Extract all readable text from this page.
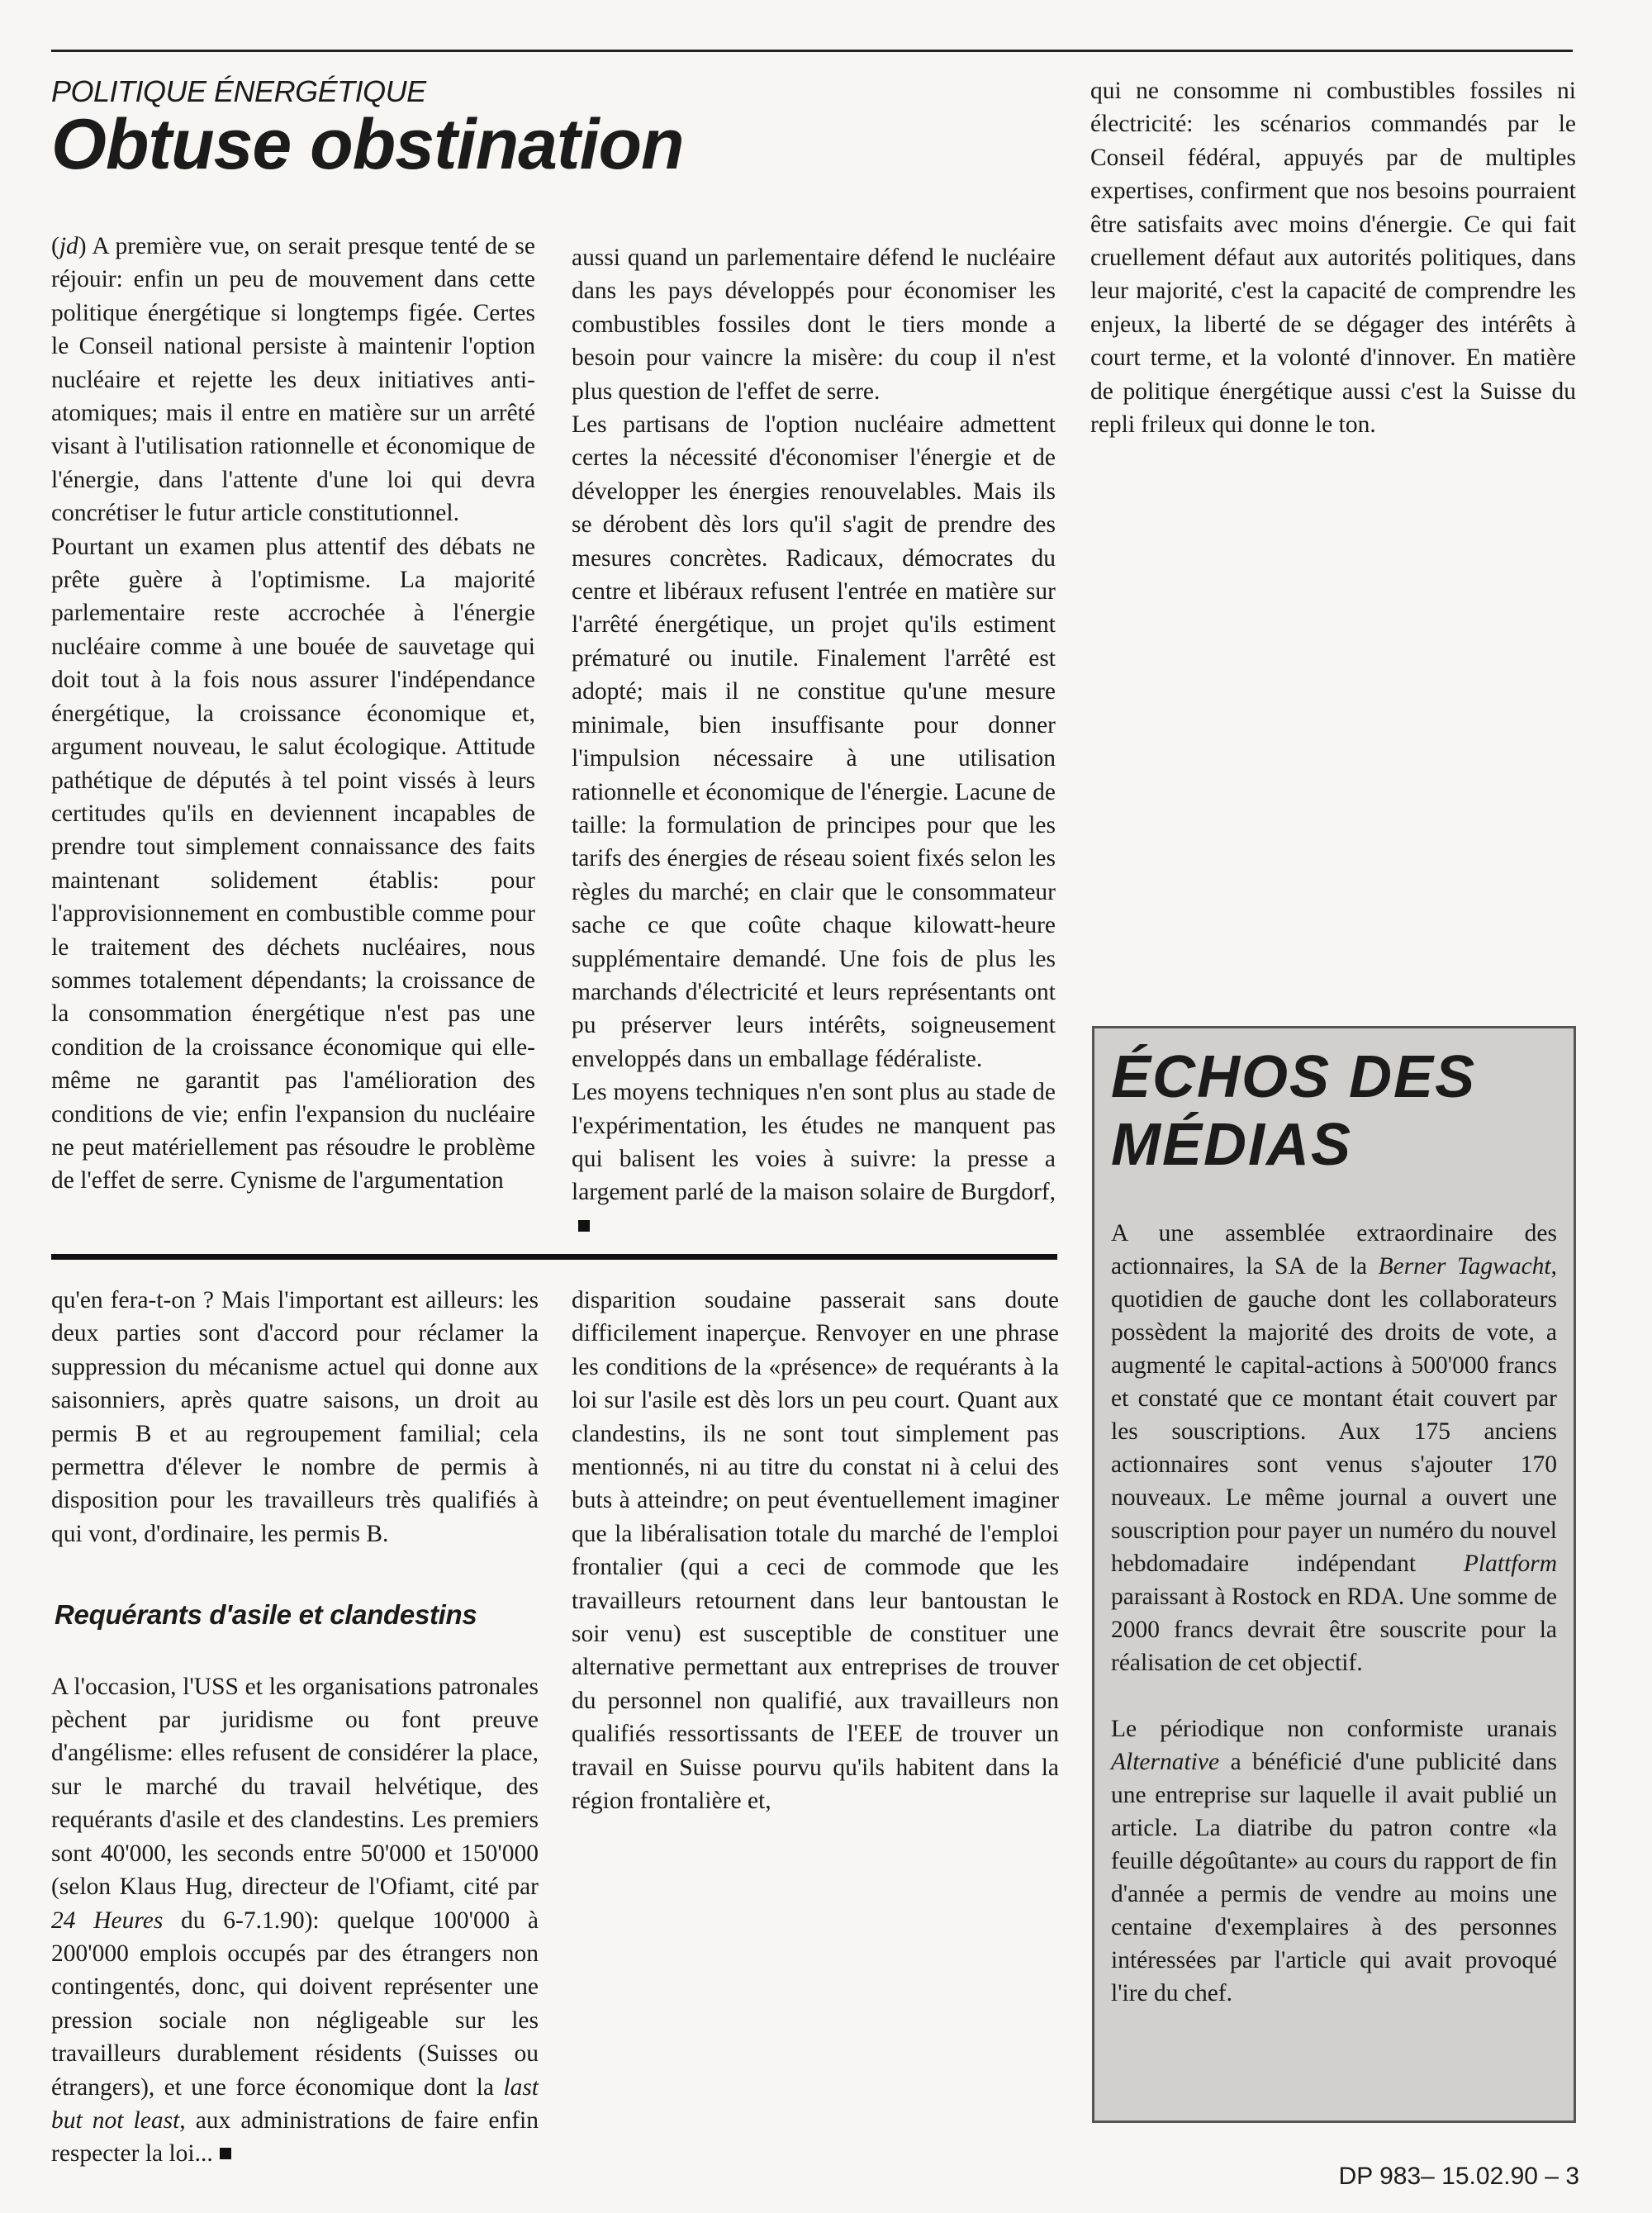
POLITIQUE ÉNERGÉTIQUE
Obtuse obstination

(jd) A première vue, on serait presque tenté de se réjouir: enfin un peu de mouvement dans cette politique énergétique si longtemps figée. Certes le Conseil national persiste à maintenir l'option nucléaire et rejette les deux initiatives anti-atomiques; mais il entre en matière sur un arrêté visant à l'utilisation rationnelle et économique de l'énergie, dans l'attente d'une loi qui devra concrétiser le futur article constitutionnel.

Pourtant un examen plus attentif des débats ne prête guère à l'optimisme. La majorité parlementaire reste accrochée à l'énergie nucléaire comme à une bouée de sauvetage qui doit tout à la fois nous assurer l'indépendance énergétique, la croissance économique et, argument nouveau, le salut écologique. Attitude pathétique de députés à tel point vissés à leurs certitudes qu'ils en deviennent incapables de prendre tout simplement connaissance des faits maintenant solidement établis: pour l'approvisionnement en combustible comme pour le traitement des déchets nucléaires, nous sommes totalement dépendants; la croissance de la consommation énergétique n'est pas une condition de la croissance économique qui elle-même ne garantit pas l'amélioration des conditions de vie; enfin l'expansion du nucléaire ne peut matériellement pas résoudre le problème de l'effet de serre. Cynisme de l'argumentation

aussi quand un parlementaire défend le nucléaire dans les pays développés pour économiser les combustibles fossiles dont le tiers monde a besoin pour vaincre la misère: du coup il n'est plus question de l'effet de serre.

Les partisans de l'option nucléaire admettent certes la nécessité d'économiser l'énergie et de développer les énergies renouvelables. Mais ils se dérobent dès lors qu'il s'agit de prendre des mesures concrètes. Radicaux, démocrates du centre et libéraux refusent l'entrée en matière sur l'arrêté énergétique, un projet qu'ils estiment prématuré ou inutile. Finalement l'arrêté est adopté; mais il ne constitue qu'une mesure minimale, bien insuffisante pour donner l'impulsion nécessaire à une utilisation rationnelle et économique de l'énergie. Lacune de taille: la formulation de principes pour que les tarifs des énergies de réseau soient fixés selon les règles du marché; en clair que le consommateur sache ce que coûte chaque kilowatt-heure supplémentaire demandé. Une fois de plus les marchands d'électricité et leurs représentants ont pu préserver leurs intérêts, soigneusement enveloppés dans un emballage fédéraliste.

Les moyens techniques n'en sont plus au stade de l'expérimentation, les études ne manquent pas qui balisent les voies à suivre: la presse a largement parlé de la maison solaire de Burgdorf,

qui ne consomme ni combustibles fossiles ni électricité: les scénarios commandés par le Conseil fédéral, appuyés par de multiples expertises, confirment que nos besoins pourraient être satisfaits avec moins d'énergie. Ce qui fait cruellement défaut aux autorités politiques, dans leur majorité, c'est la capacité de comprendre les enjeux, la liberté de se dégager des intérêts à court terme, et la volonté d'innover. En matière de politique énergétique aussi c'est la Suisse du repli frileux qui donne le ton.

qu'en fera-t-on ? Mais l'important est ailleurs: les deux parties sont d'accord pour réclamer la suppression du mécanisme actuel qui donne aux saisonniers, après quatre saisons, un droit au permis B et au regroupement familial; cela permettra d'élever le nombre de permis à disposition pour les travailleurs très qualifiés à qui vont, d'ordinaire, les permis B.

Requérants d'asile et clandestins

A l'occasion, l'USS et les organisations patronales pèchent par juridisme ou font preuve d'angélisme: elles refusent de considérer la place, sur le marché du travail helvétique, des requérants d'asile et des clandestins. Les premiers sont 40'000, les seconds entre 50'000 et 150'000 (selon Klaus Hug, directeur de l'Ofiamt, cité par 24 Heures du 6-7.1.90): quelque 100'000 à 200'000 emplois occupés par des étrangers non contingentés, donc, qui doivent représenter une pression sociale non négligeable sur les travailleurs durablement résidents (Suisses ou étrangers), et une force économique dont la last but not least, aux administrations de faire enfin respecter la loi...

disparition soudaine passerait sans doute difficilement inaperçue. Renvoyer en une phrase les conditions de la «présence» de requérants à la loi sur l'asile est dès lors un peu court. Quant aux clandestins, ils ne sont tout simplement pas mentionnés, ni au titre du constat ni à celui des buts à atteindre; on peut éventuellement imaginer que la libéralisation totale du marché de l'emploi frontalier (qui a ceci de commode que les travailleurs retournent dans leur bantoustan le soir venu) est susceptible de constituer une alternative permettant aux entreprises de trouver du personnel non qualifié, aux travailleurs non qualifiés ressortissants de l'EEE de trouver un travail en Suisse pourvu qu'ils habitent dans la région frontalière et,

ÉCHOS DES MÉDIAS

A une assemblée extraordinaire des actionnaires, la SA de la Berner Tagwacht, quotidien de gauche dont les collaborateurs possèdent la majorité des droits de vote, a augmenté le capital-actions à 500'000 francs et constaté que ce montant était couvert par les souscriptions. Aux 175 anciens actionnaires sont venus s'ajouter 170 nouveaux. Le même journal a ouvert une souscription pour payer un numéro du nouvel hebdomadaire indépendant Plattform paraissant à Rostock en RDA. Une somme de 2000 francs devrait être souscrite pour la réalisation de cet objectif.

Le périodique non conformiste uranais Alternative a bénéficié d'une publicité dans une entreprise sur laquelle il avait publié un article. La diatribe du patron contre «la feuille dégoûtante» au cours du rapport de fin d'année a permis de vendre au moins une centaine d'exemplaires à des personnes intéressées par l'article qui avait provoqué l'ire du chef.

DP 983– 15.02.90 – 3
